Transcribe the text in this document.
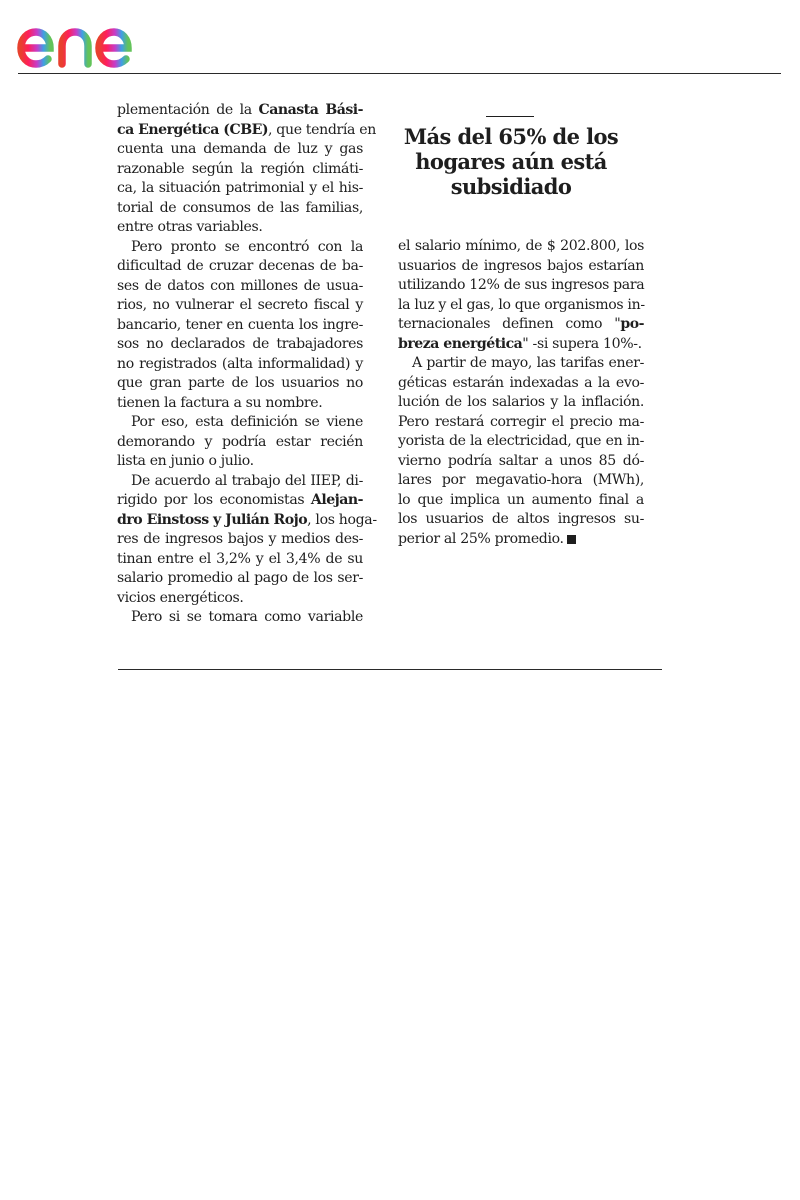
plementación de la Canasta Bási-
ca Energética (CBE), que tendría en
cuenta una demanda de luz y gas
razonable según la región climáti-
ca, la situación patrimonial y el his-
torial de consumos de las familias,
entre otras variables.
Pero pronto se encontró con la
dificultad de cruzar decenas de ba-
ses de datos con millones de usua-
rios, no vulnerar el secreto fiscal y
bancario, tener en cuenta los ingre-
sos no declarados de trabajadores
no registrados (alta informalidad) y
que gran parte de los usuarios no
tienen la factura a su nombre.
Por eso, esta definición se viene
demorando y podría estar recién
lista en junio o julio.
De acuerdo al trabajo del IIEP, di-
rigido por los economistas Alejan-
dro Einstoss y Julián Rojo, los hoga-
res de ingresos bajos y medios des-
tinan entre el 3,2% y el 3,4% de su
salario promedio al pago de los ser-
vicios energéticos.
Pero si se tomara como variable
Más del 65% de los
hogares aún está
subsidiado
el salario mínimo, de $ 202.800, los
usuarios de ingresos bajos estarían
utilizando 12% de sus ingresos para
la luz y el gas, lo que organismos in-
ternacionales definen como "po-
breza energética" -si supera 10%-.
A partir de mayo, las tarifas ener-
géticas estarán indexadas a la evo-
lución de los salarios y la inflación.
Pero restará corregir el precio ma-
yorista de la electricidad, que en in-
vierno podría saltar a unos 85 dó-
lares por megavatio-hora (MWh),
lo que implica un aumento final a
los usuarios de altos ingresos su-
perior al 25% promedio.
